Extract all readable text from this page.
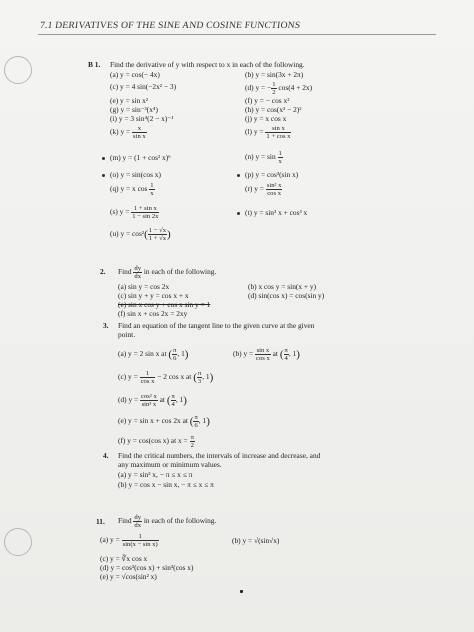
7.1 DERIVATIVES OF THE SINE AND COSINE FUNCTIONS
B 1. Find the derivative of y with respect to x in each of the following.
(a) y = cos(− 4x)	(b) y = sin(3x + 2π)
(c) y = 4 sin(−2x² − 3)	(d) y = − $\frac{1}{2} \cos(4 + 2x)$
(e) y = sin x²	(f) y = − cos x²
(g) y = sin⁻³(x⁴)	(h) y = cos(x² − 2)²
(i) y = 3 sin⁴(2 − x)⁻¹	(j) y = x cos x
(k) $y = \frac{x}{\text{sin x}}$	(l) $y = \frac{\text{sin x}}{\text{1 + cos x}}$
(m) y = (1 + cos² x)⁶	(n) $y = \sin \frac{1}{x}$
(o) y = sin(cos x)	(p) y = cos³(sin x)
(q) y = x $\cos \frac{1}{x}$	(r) $y = \frac{\text{sin² x}}{\text{cos x}}$
(s) $y = \frac{\text{1 + sin x}}{1 - \sin 2x}$	(t) y = sin³ x + cos³ x
(u) $y = \cos^2( \frac{1 - √x}{1 + √x}$ )
2. Find $\frac{dy}{dx}$ in each of the following.
(a) sin y = cos 2x	(b) x cos y = sin(x + y)
(c) sin y + y = cos x + x	(d) sin(cos x) = cos(sin y)
(e) sin x cos y + cos x sin y = 1
(f) sin x + cos 2x = 2xy
3. Find an equation of the tangent line to the given curve at the given
point.
(a) y = 2 sin x at ( $\frac{\pi}{6}$ , 1)	(b) $y = \frac{\text{sin x}}{\text{cos x}}$ at ( $\frac{\pi}{4}$ , 1)
(c) $y = \frac{1}{\text{cos x}} - 2$ cos x at ( $\frac{\pi}{3}$ , 1)
(d) $y = \frac{\text{cos² x}}{\text{sin³ x}}$ at ( $\frac{\pi}{4}$ , 1)
(e) y = sin x + cos 2x at ( $\frac{\pi}{6}$ , 1)
(f) y = cos(cos x) at $x = \frac{\pi}{2}$
4. Find the critical numbers, the intervals of increase and decrease, and
any maximum or minimum values.
(a) y = sin² x, − π ≤ x ≤ π
(b) y = cos x − sin x, − π ≤ x ≤ π
11. Find $\frac{dy}{dx}$ in each of the following.
(a) $y = \frac{1}{\text{sin(x − sin x)}}$	(b) y = √(sin√x)
(c) y = ∛x cos x
(d) y = cos³(cos x) + sin³(cos x)
(e) y = √cos(sin² x)
